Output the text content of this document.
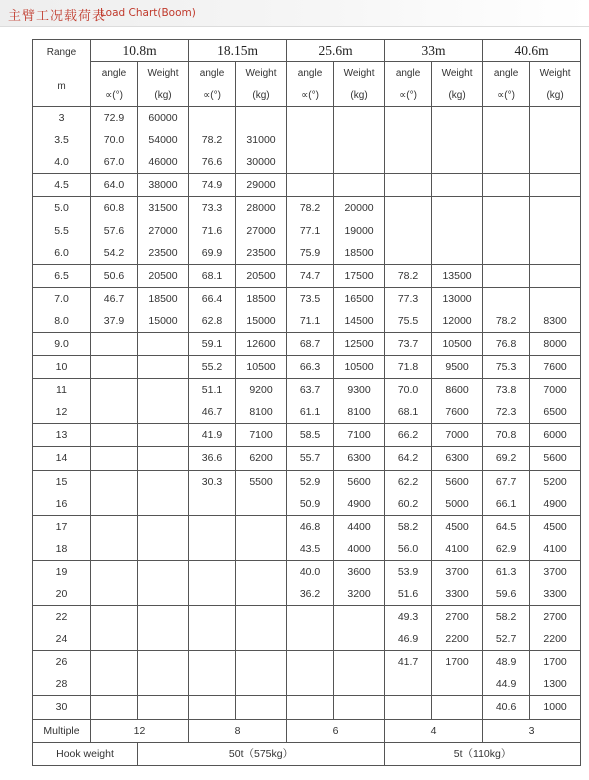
主臂工况载荷表
Load Chart(Boom)
Range

m	10.8m		18.15m		25.6m		33m		40.6m	
	angle	Weight	angle	Weight	angle	Weight	angle	Weight	angle	Weight
	∝(°)	(kg)	∝(°)	(kg)	∝(°)	(kg)	∝(°)	(kg)	∝(°)	(kg)
3	72.9	60000								
3.5	70.0	54000	78.2	31000						
4.0	67.0	46000	76.6	30000						
4.5	64.0	38000	74.9	29000						
5.0	60.8	31500	73.3	28000	78.2	20000				
5.5	57.6	27000	71.6	27000	77.1	19000				
6.0	54.2	23500	69.9	23500	75.9	18500				
6.5	50.6	20500	68.1	20500	74.7	17500	78.2	13500		
7.0	46.7	18500	66.4	18500	73.5	16500	77.3	13000		
8.0	37.9	15000	62.8	15000	71.1	14500	75.5	12000	78.2	8300
9.0			59.1	12600	68.7	12500	73.7	10500	76.8	8000
10			55.2	10500	66.3	10500	71.8	9500	75.3	7600
11			51.1	9200	63.7	9300	70.0	8600	73.8	7000
12			46.7	8100	61.1	8100	68.1	7600	72.3	6500
13			41.9	7100	58.5	7100	66.2	7000	70.8	6000
14			36.6	6200	55.7	6300	64.2	6300	69.2	5600
15			30.3	5500	52.9	5600	62.2	5600	67.7	5200
16					50.9	4900	60.2	5000	66.1	4900
17					46.8	4400	58.2	4500	64.5	4500
18					43.5	4000	56.0	4100	62.9	4100
19					40.0	3600	53.9	3700	61.3	3700
20					36.2	3200	51.6	3300	59.6	3300
22							49.3	2700	58.2	2700
24							46.9	2200	52.7	2200
26							41.7	1700	48.9	1700
28									44.9	1300
30									40.6	1000
Multiple	12		8		6		4		3	
Hook weight		50t（575kg）					5t（110kg）			
